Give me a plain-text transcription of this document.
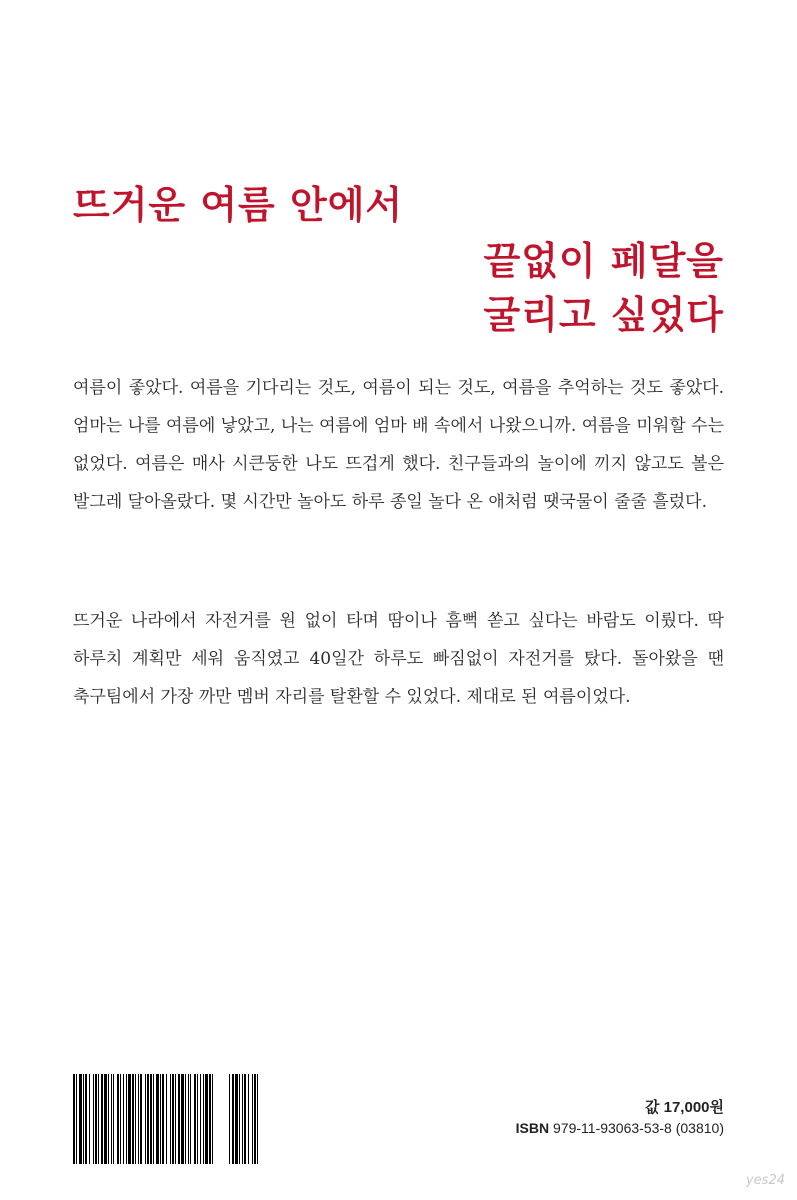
뜨거운 여름 안에서
끝없이 페달을
굴리고 싶었다

여름이 좋았다. 여름을 기다리는 것도, 여름이 되는 것도, 여름을 추억하는 것도 좋았다. 엄마는 나를 여름에 낳았고, 나는 여름에 엄마 배 속에서 나왔으니까. 여름을 미워할 수는 없었다. 여름은 매사 시큰둥한 나도 뜨겁게 했다. 친구들과의 놀이에 끼지 않고도 볼은 발그레 달아올랐다. 몇 시간만 놀아도 하루 종일 놀다 온 애처럼 땟국물이 줄줄 흘렀다.

뜨거운 나라에서 자전거를 원 없이 타며 땀이나 흠뻑 쏟고 싶다는 바람도 이뤘다. 딱 하루치 계획만 세워 움직였고 40일간 하루도 빠짐없이 자전거를 탔다. 돌아왔을 땐 축구팀에서 가장 까만 멤버 자리를 탈환할 수 있었다. 제대로 된 여름이었다.

값 17,000원
ISBN 979-11-93063-53-8 (03810)
yes24
